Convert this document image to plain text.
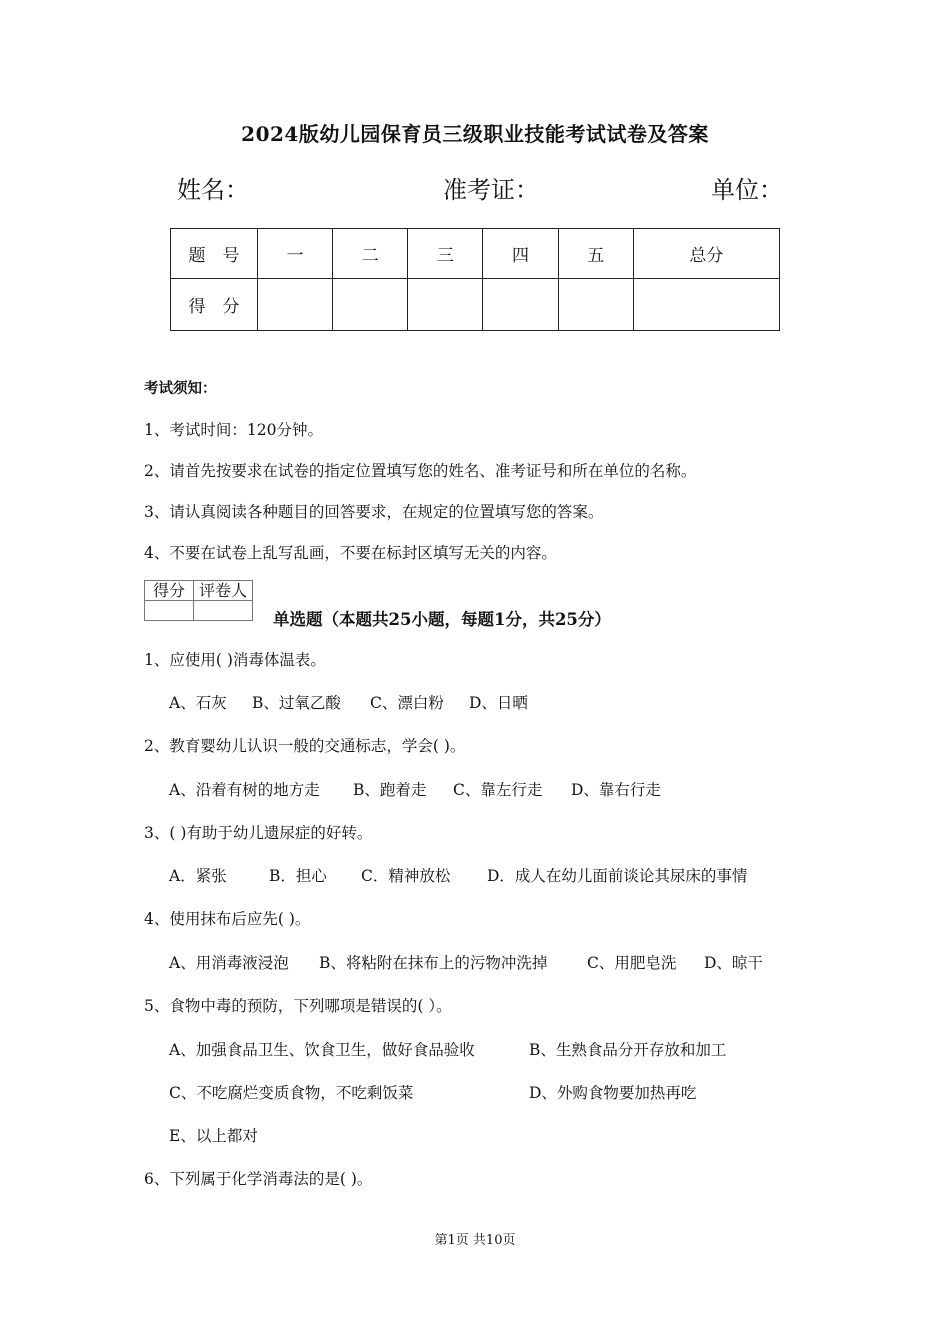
2024版幼儿园保育员三级职业技能考试试卷及答案
姓名：	准考证：	单位：
题　号	一	二	三	四	五	总分
得　分						
考试须知：
1、考试时间：120分钟。
2、请首先按要求在试卷的指定位置填写您的姓名、准考证号和所在单位的名称。
3、请认真阅读各种题目的回答要求，在规定的位置填写您的答案。
4、不要在试卷上乱写乱画，不要在标封区填写无关的内容。
得分	评卷人

单选题（本题共25小题，每题1分，共25分）
1、应使用( )消毒体温表。
A、石灰 B、过氧乙酸 C、漂白粉 D、日晒
2、教育婴幼儿认识一般的交通标志，学会( )。
A、沿着有树的地方走 B、跑着走 C、靠左行走 D、靠右行走
3、( )有助于幼儿遗尿症的好转。
A．紧张	B．担心 C．精神放松 D．成人在幼儿面前谈论其尿床的事情
4、使用抹布后应先( )。
A、用消毒液浸泡 B、将粘附在抹布上的污物冲洗掉	C、用肥皂洗 D、晾干
5、食物中毒的预防，下列哪项是错误的( ）。
A、加强食品卫生、饮食卫生，做好食品验收	B、生熟食品分开存放和加工
C、不吃腐烂变质食物，不吃剩饭菜	D、外购食物要加热再吃
E、以上都对
6、下列属于化学消毒法的是( )。
第1页 共10页
